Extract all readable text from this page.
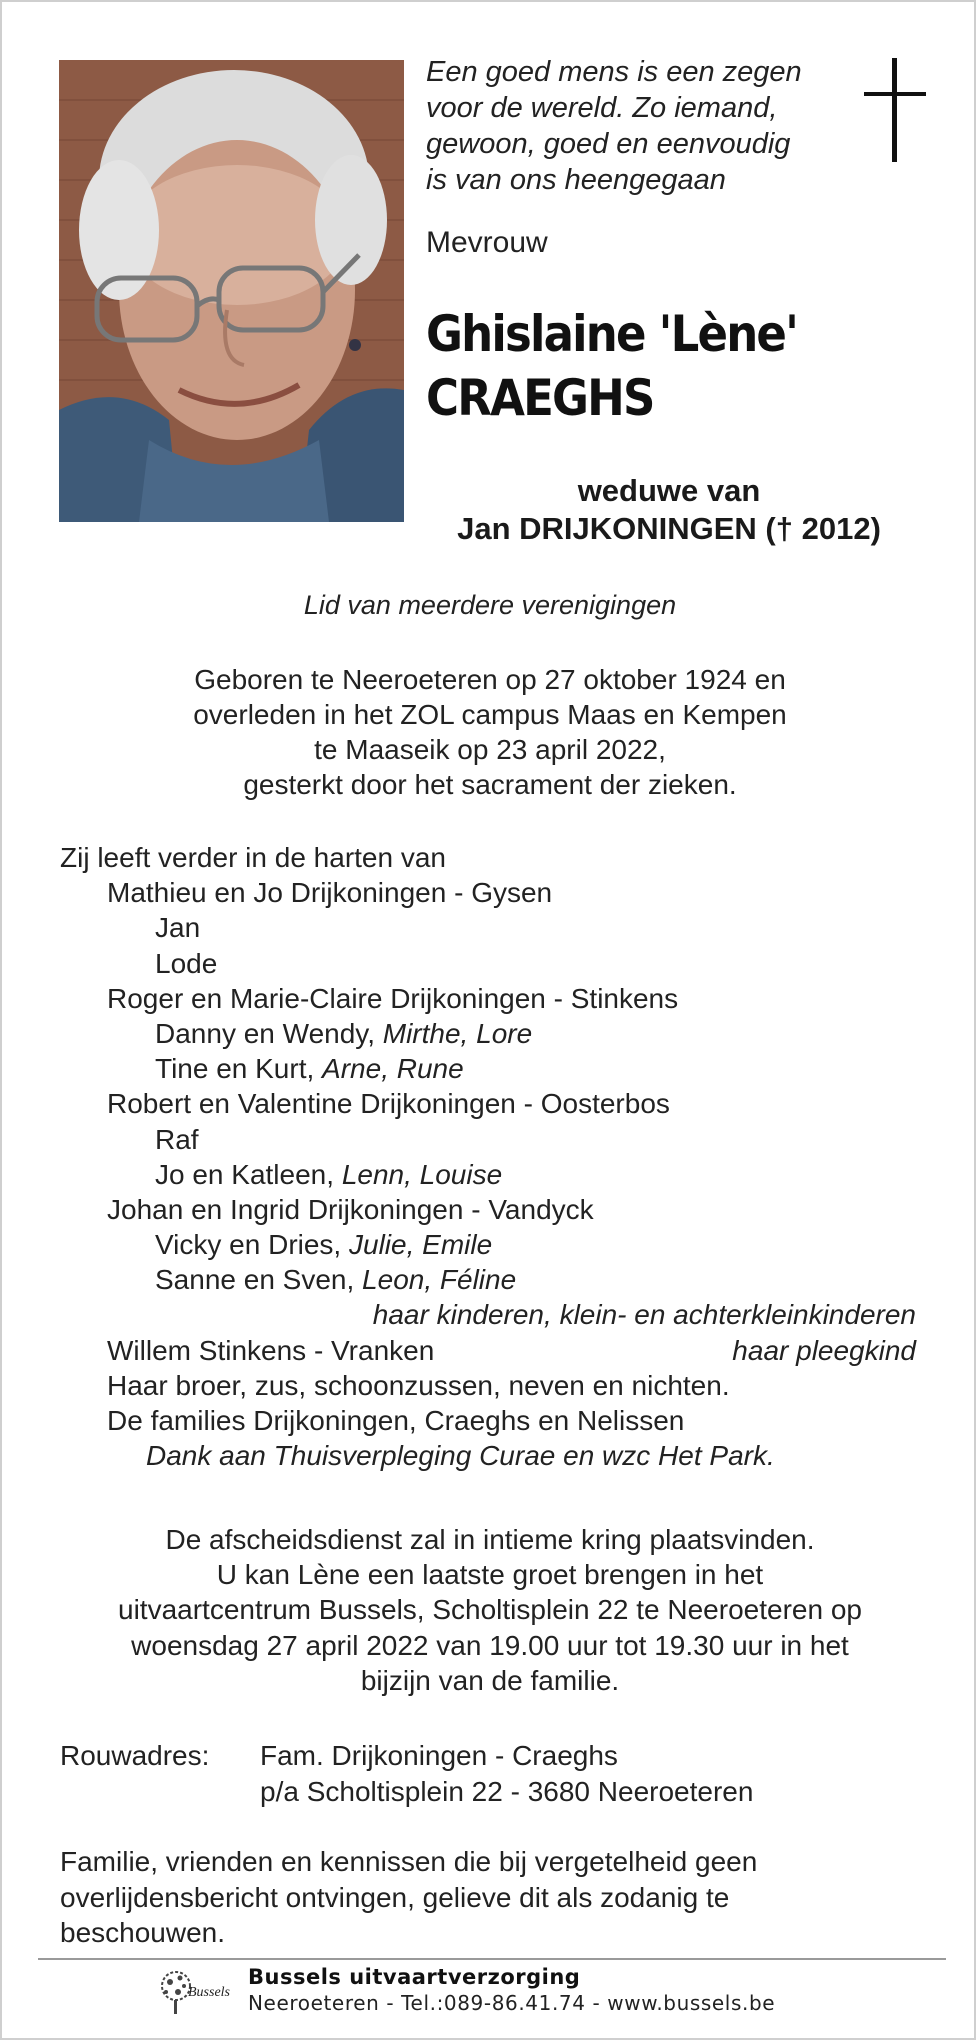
Een goed mens is een zegen
voor de wereld. Zo iemand,
gewoon, goed en eenvoudig
is van ons heengegaan
Mevrouw
Ghislaine 'Lène'
CRAEGHS
weduwe van
Jan DRIJKONINGEN († 2012)
Lid van meerdere verenigingen
Geboren te Neeroeteren op 27 oktober 1924 en
overleden in het ZOL campus Maas en Kempen
te Maaseik op 23 april 2022,
gesterkt door het sacrament der zieken.
Zij leeft verder in de harten van
Mathieu en Jo Drijkoningen - Gysen
Jan
Lode
Roger en Marie-Claire Drijkoningen - Stinkens
Danny en Wendy, Mirthe, Lore
Tine en Kurt, Arne, Rune
Robert en Valentine Drijkoningen - Oosterbos
Raf
Jo en Katleen, Lenn, Louise
Johan en Ingrid Drijkoningen - Vandyck
Vicky en Dries, Julie, Emile
Sanne en Sven, Leon, Féline
haar kinderen, klein- en achterkleinkinderen
Willem Stinkens - Vranken	haar pleegkind
Haar broer, zus, schoonzussen, neven en nichten.
De families Drijkoningen, Craeghs en Nelissen
Dank aan Thuisverpleging Curae en wzc Het Park.
De afscheidsdienst zal in intieme kring plaatsvinden.
U kan Lène een laatste groet brengen in het
uitvaartcentrum Bussels, Scholtisplein 22 te Neeroeteren op
woensdag 27 april 2022 van 19.00 uur tot 19.30 uur in het
bijzijn van de familie.
Rouwadres: Fam. Drijkoningen - Craeghs
p/a Scholtisplein 22 - 3680 Neeroeteren
Familie, vrienden en kennissen die bij vergetelheid geen
overlijdensbericht ontvingen, gelieve dit als zodanig te
beschouwen.
Bussels
Bussels uitvaartverzorging
Neeroeteren - Tel.:089-86.41.74 - www.bussels.be
